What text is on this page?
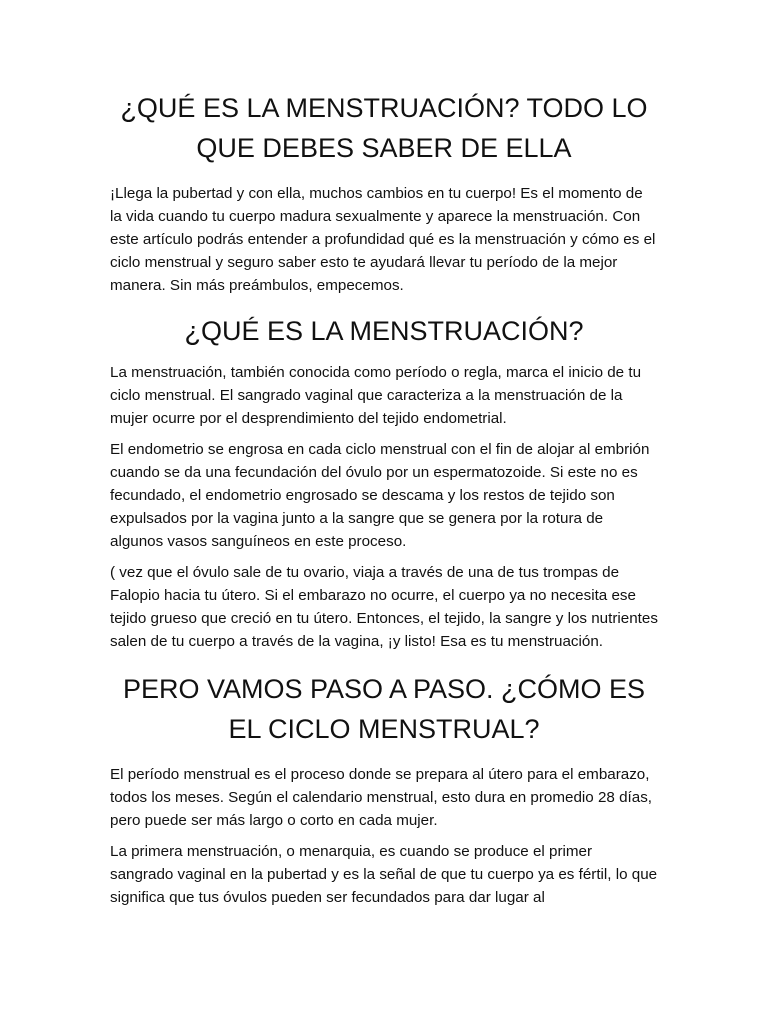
¿QUÉ ES LA MENSTRUACIÓN? TODO LO QUE DEBES SABER DE ELLA

¡Llega la pubertad y con ella, muchos cambios en tu cuerpo! Es el momento de la vida cuando tu cuerpo madura sexualmente y aparece la menstruación. Con este artículo podrás entender a profundidad qué es la menstruación y cómo es el ciclo menstrual y seguro saber esto te ayudará llevar tu período de la mejor manera. Sin más preámbulos, empecemos.

¿QUÉ ES LA MENSTRUACIÓN?

La menstruación, también conocida como período o regla, marca el inicio de tu ciclo menstrual. El sangrado vaginal que caracteriza a la menstruación de la mujer ocurre por el desprendimiento del tejido endometrial.

El endometrio se engrosa en cada ciclo menstrual con el fin de alojar al embrión cuando se da una fecundación del óvulo por un espermatozoide. Si este no es fecundado, el endometrio engrosado se descama y los restos de tejido son expulsados por la vagina junto a la sangre que se genera por la rotura de algunos vasos sanguíneos en este proceso.

( vez que el óvulo sale de tu ovario, viaja a través de una de tus trompas de Falopio hacia tu útero. Si el embarazo no ocurre, el cuerpo ya no necesita ese tejido grueso que creció en tu útero. Entonces, el tejido, la sangre y los nutrientes salen de tu cuerpo a través de la vagina, ¡y listo! Esa es tu menstruación.

PERO VAMOS PASO A PASO. ¿CÓMO ES EL CICLO MENSTRUAL?

El período menstrual es el proceso donde se prepara al útero para el embarazo, todos los meses. Según el calendario menstrual, esto dura en promedio 28 días, pero puede ser más largo o corto en cada mujer.

La primera menstruación, o menarquia, es cuando se produce el primer sangrado vaginal en la pubertad y es la señal de que tu cuerpo ya es fértil, lo que significa que tus óvulos pueden ser fecundados para dar lugar al
